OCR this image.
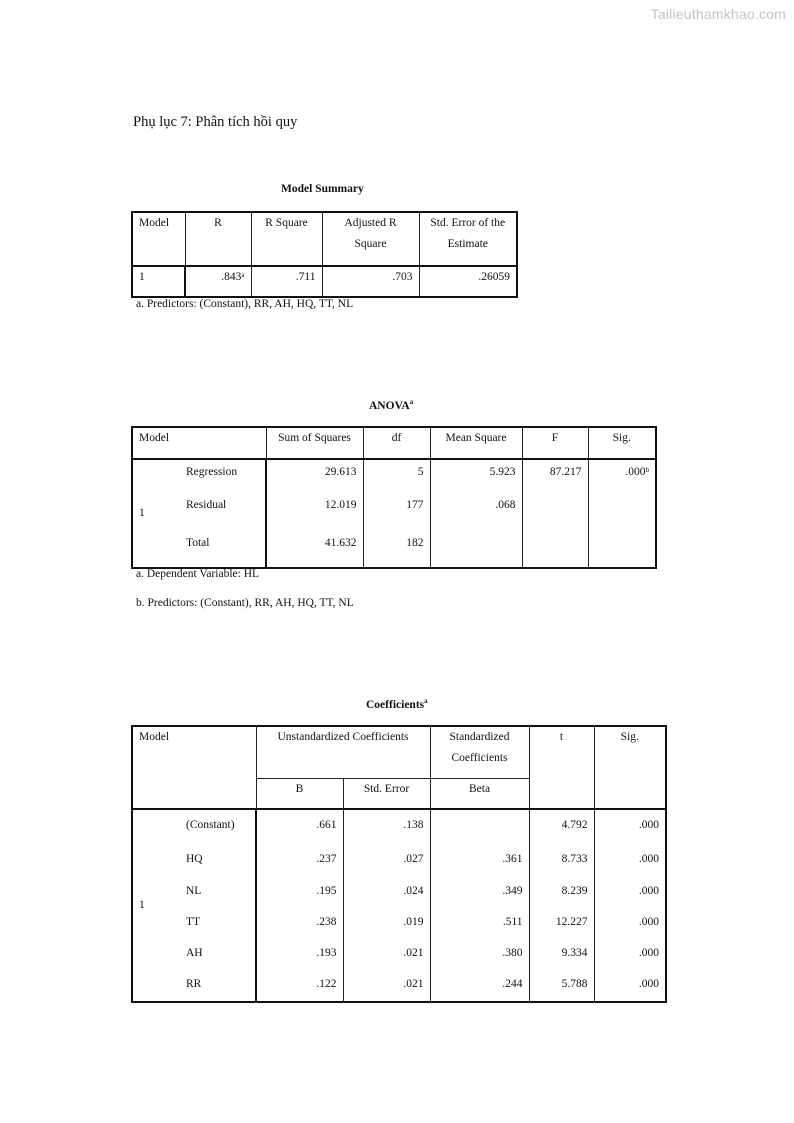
Tailieuthamkhao.com
Phụ lục 7: Phân tích hồi quy
Model Summary
Model	R	R Square	Adjusted R Square	Std. Error of the Estimate
1	.843$^a$	.711	.703	.26059
a. Predictors: (Constant), RR, AH, HQ, TT, NL
ANOVA$^a$
Model		Sum of Squares	df	Mean Square	F	Sig.
1	Regression	29.613	5	5.923	87.217	.000$^b$
	Residual	12.019	177	.068		
	Total	41.632	182			
a. Dependent Variable: HL
b. Predictors: (Constant), RR, AH, HQ, TT, NL
Coefficients$^a$
Model		Unstandardized Coefficients		Standardized Coefficients	t	Sig.
		B	Std. Error	Beta		
1	(Constant)	.661	.138		4.792	.000
	HQ	.237	.027	.361	8.733	.000
	NL	.195	.024	.349	8.239	.000
	TT	.238	.019	.511	12.227	.000
	AH	.193	.021	.380	9.334	.000
	RR	.122	.021	.244	5.788	.000
